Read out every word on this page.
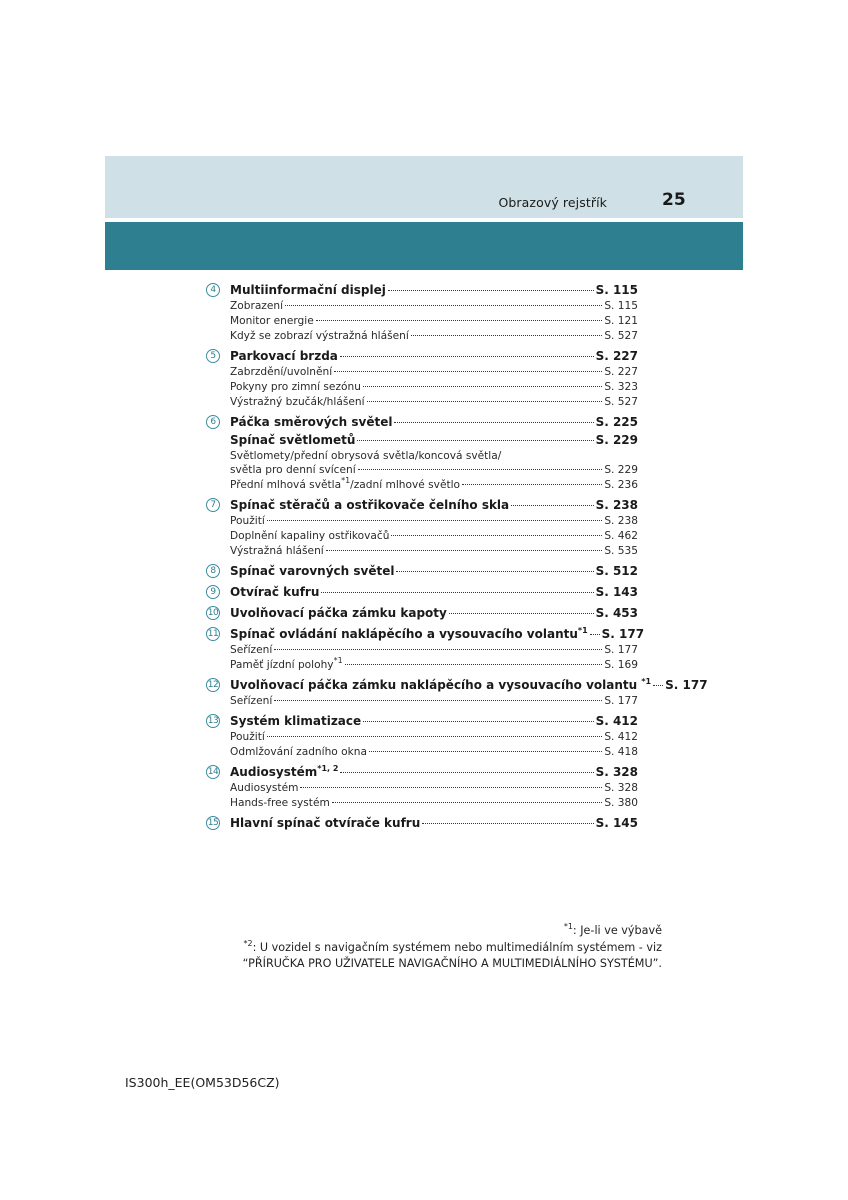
Obrazový rejstřík	25
4	Multiinformační displej	S. 115
Zobrazení	S. 115
Monitor energie	S. 121
Když se zobrazí výstražná hlášení	S. 527
5	Parkovací brzda	S. 227
Zabrzdění/uvolnění	S. 227
Pokyny pro zimní sezónu	S. 323
Výstražný bzučák/hlášení	S. 527
6	Páčka směrových světel	S. 225
Spínač světlometů	S. 229
Světlomety/přední obrysová světla/koncová světla/
světla pro denní svícení	S. 229
Přední mlhová světla$^{*1}$/zadní mlhové světlo	S. 236
7	Spínač stěračů a ostřikovače čelního skla	S. 238
Použití	S. 238
Doplnění kapaliny ostřikovačů	S. 462
Výstražná hlášení	S. 535
8	Spínač varovných světel	S. 512
9	Otvírač kufru	S. 143
10 Uvolňovací páčka zámku kapoty	S. 453
11 Spínač ovládání naklápěcího a vysouvacího volantu$^{*1}$ S. 177
Seřízení	S. 177
Paměť jízdní polohy$^{*1}$	S. 169
12 Uvolňovací páčka zámku naklápěcího a vysouvacího volantu $^{*1}$ S. 177
Seřízení	S. 177
13 Systém klimatizace	S. 412
Použití	S. 412
Odmlžování zadního okna	S. 418
14 Audiosystém$^{*1, 2}$	S. 328
Audiosystém	S. 328
Hands-free systém	S. 380
15 Hlavní spínač otvírače kufru	S. 145
$^{*1}$: Je-li ve výbavě
$^{*2}$: U vozidel s navigačním systémem nebo multimediálním systémem - viz
“PŘÍRUČKA PRO UŽIVATELE NAVIGAČNÍHO A MULTIMEDIÁLNÍHO SYSTÉMU”.
IS300h_EE(OM53D56CZ)
